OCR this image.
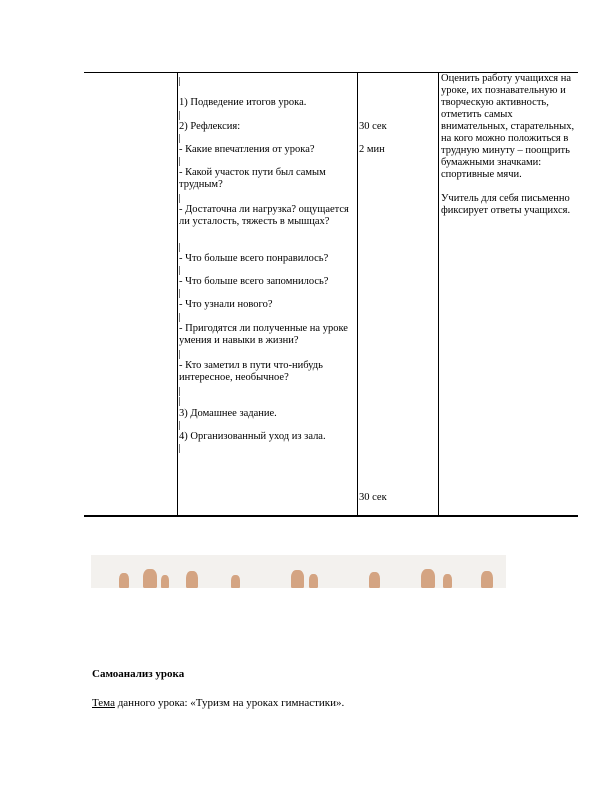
1) Подведение итогов урока.

2) Рефлексия:

- Какие впечатления от урока?

- Какой участок пути был самым трудным?

- Достаточна ли нагрузка? ощущается ли усталость, тяжесть в мышцах?

- Что больше всего понравилось?

- Что больше всего запомнилось?

- Что узнали нового?

- Пригодятся ли полученные на уроке умения и навыки в жизни?

- Кто заметил в пути что-нибудь интересное, необычное?

3) Домашнее задание.

4) Организованный уход из зала.

30 сек
2 мин
30 сек

Оценить работу учащихся на уроке, их познавательную и творческую активность, отметить самых внимательных, старательных, на кого можно положиться в трудную минуту – поощрить бумажными значками: спортивные мячи.

Учитель для себя письменно фиксирует ответы учащихся.

Самоанализ урока
Тема данного урока: «Туризм на уроках гимнастики».
